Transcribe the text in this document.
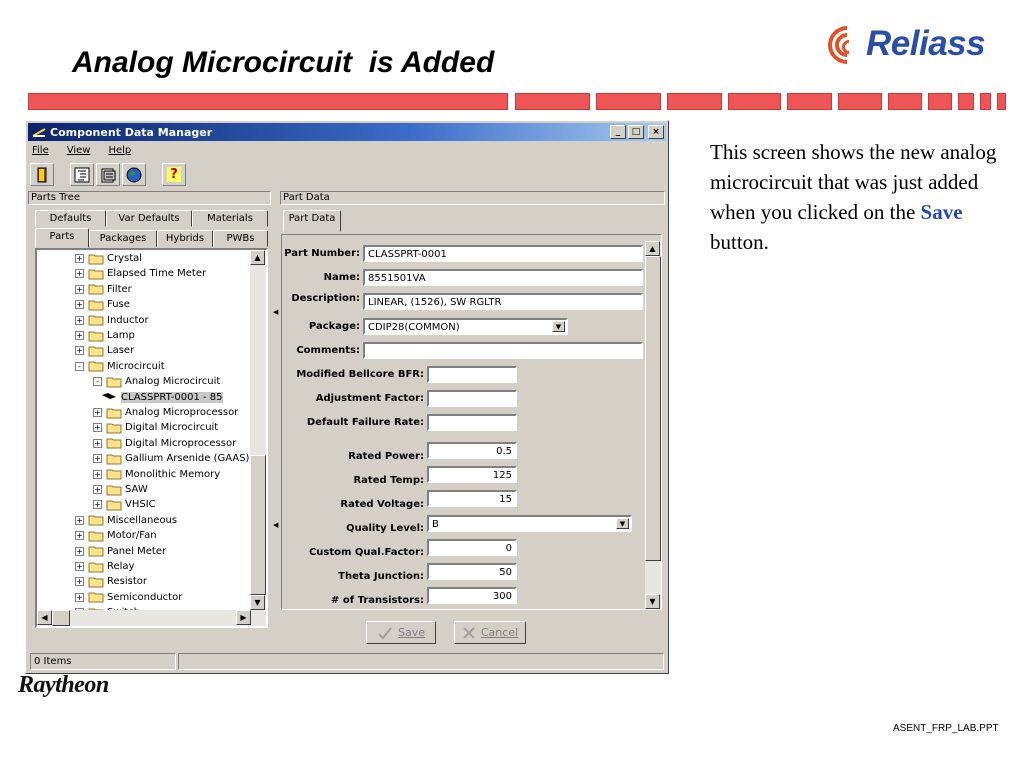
Analog Microcircuit  is Added	Reliass
This screen shows the new analog microcircuit that was just added when you clicked on the Save button.
Component Data Manager	_	□	×
File View Help
?
Parts Tree
Defaults	Var Defaults	Materials
Parts	Packages	Hybrids	PWBs
+ Crystal
+ Elapsed Time Meter
+ Filter
+ Fuse
+ Inductor
+ Lamp
+ Laser
-	Microcircuit
-	Analog Microcircuit
CLASSPRT-0001 - 85
+ Analog Microprocessor
+ Digital Microcircuit
+ Digital Microprocessor
+ Gallium Arsenide (GAAS)
+ Monolithic Memory
+ SAW
+ VHSIC
+ Miscellaneous
+ Motor/Fan
+ Panel Meter
+ Relay
+ Resistor
+ Semiconductor
▲
▼
◀	▶
◀
◀
Part Data
Part Data
Part Number: CLASSPRT-0001
Name: 8551501VA
Description: LINEAR, (1526), SW RGLTR
Package: CDIP28(COMMON)	▼
Comments:
Modified Bellcore BFR:
Adjustment Factor:
Default Failure Rate:
Rated Power:	0.5
Rated Temp:	125
Rated Voltage:	15
Quality Level: B	▼
Custom Qual.Factor:	0
Theta Junction:	50
# of Transistors:	300
▲
▼
Save	Cancel
0 Items
Raytheon
ASENT_FRP_LAB.PPT
